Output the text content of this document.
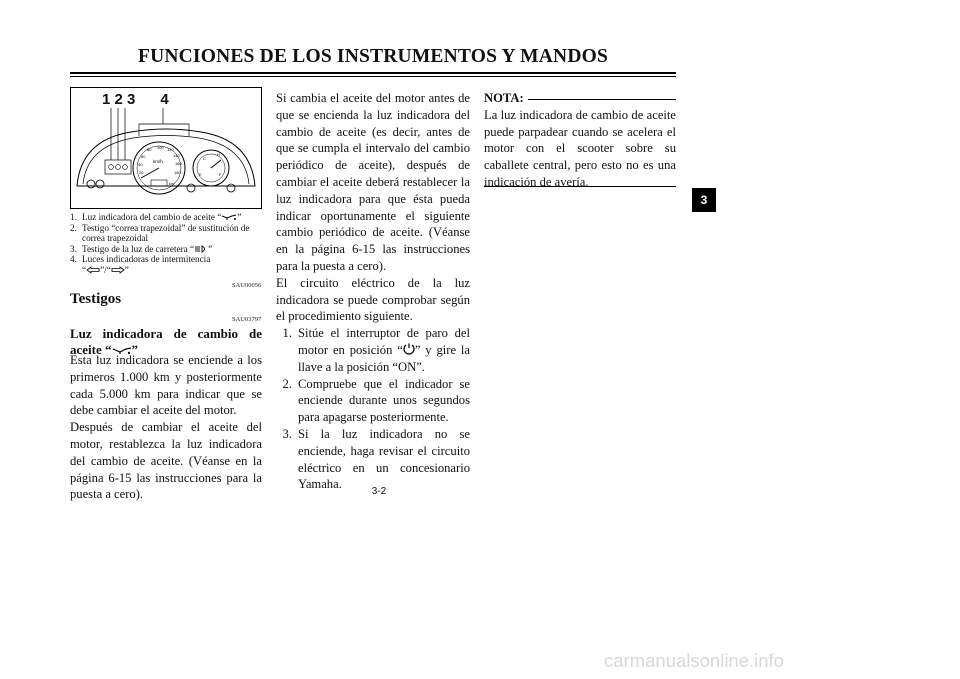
FUNCIONES DE LOS INSTRUMENTOS Y MANDOS
1 2 3      4
km/h
100 120
140
160
180
80
60
40
20	E	F
C
H
km
1. Luz indicadora del cambio de aceite “ ”
2. Testigo “correa trapezoidal” de sustitución de correa trapezoidal
3. Testigo de la luz de carretera “ ”
4. Luces indicadoras de intermitencia
“ ”/“ ”
SAU00056
Testigos
SAU03797
Luz indicadora de cambio de aceite “ ”
Esta luz indicadora se enciende a los primeros 1.000 km y posteriormente cada 5.000 km para indicar que se debe cambiar el aceite del motor.
Después de cambiar el aceite del motor, restablezca la luz indicadora del cambio de aceite. (Véanse en la página 6-15 las instrucciones para la puesta a cero).
Si cambia el aceite del motor antes de que se encienda la luz indicadora del cambio de aceite (es decir, antes de que se cumpla el intervalo del cambio periódico de aceite), después de cambiar el aceite deberá restablecer la luz indicadora para que ésta pueda indicar oportunamente el siguiente cambio periódico de aceite. (Véanse en la página 6-15 las instrucciones para la puesta a cero).
El circuito eléctrico de la luz indicadora se puede comprobar según el procedimiento siguiente.
1. Sitúe el interruptor de paro del motor en posición “ ” y gire la llave a la posición “ON”.
2. Compruebe que el indicador se enciende durante unos segundos para apagarse posteriormente.
3. Si la luz indicadora no se enciende, haga revisar el circuito eléctrico en un concesionario Yamaha.
NOTA:
La luz indicadora de cambio de aceite puede parpadear cuando se acelera el motor con el scooter sobre su caballete central, pero esto no es una indicación de avería.
3
3-2
carmanualsonline.info
